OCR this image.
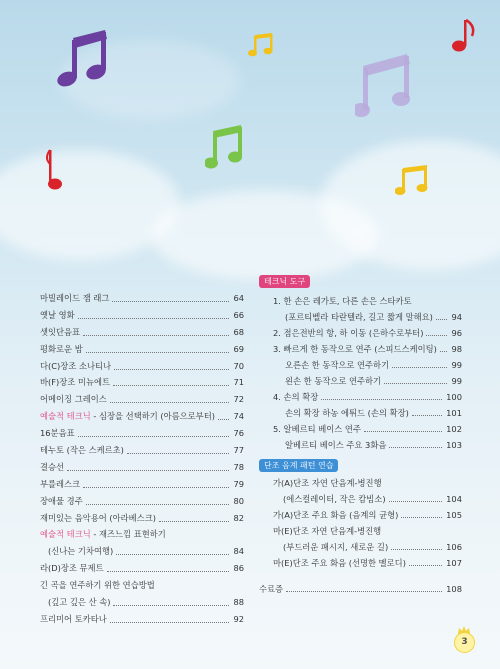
마빌레이드 잼 래그	64
옛날 영화	66
셋잇단음표	68
평화로운 밤	69
다(C)장조 소나티나	70
바(F)장조 미뉴에트	71
어메이징 그레이스	72
예술적 테크닉 - 심장을 선택하기 (아름으로부터) 74
16분음표	76
테누토 (작은 스케르초)	77
결승선	78
부를레스크	79
장애물 경주	80
재미있는 음악용어 (아라베스크)	82
예술적 테크닉 - 재즈느낌 표현하기
(신나는 기차여행)	84
라(D)장조 뮤제트	86
긴 곡을 연주하기 위한 연습방법
(깊고 깊은 산 속)	88
프리미어 토카타나	92
테크닉 도구
1. 한 손은 레가토, 다른 손은 스타카토
(포르티벨라 타란텔라, 길고 짧게 말해요) 94
2. 점은전반의 항, 하 이동 (은하수로부터)	96
3. 빠르게 한 동작으로 연주 (스피드스케이팅) 98
오른손 한 동작으로 연주하기	99
왼손 한 동작으로 연주하기	99
4. 손의 확장	100
손의 확장 하농 에튀드 (손의 확장)	101
5. 알베르티 베이스 연주	102
알베르티 베이스 주요 3화음	103
단조 음계 패턴 연습
가(A)단조 자연 단음계-병진행
(에스컬레이터, 작은 캄빔소)	104
가(A)단조 주요 화음 (음계의 균형)	105
마(E)단조 자연 단음계-병진행
(부드러운 패시지, 새로운 길)	106
마(E)단조 주요 화음 (선명한 멜로디)	107
수료증	108
3
